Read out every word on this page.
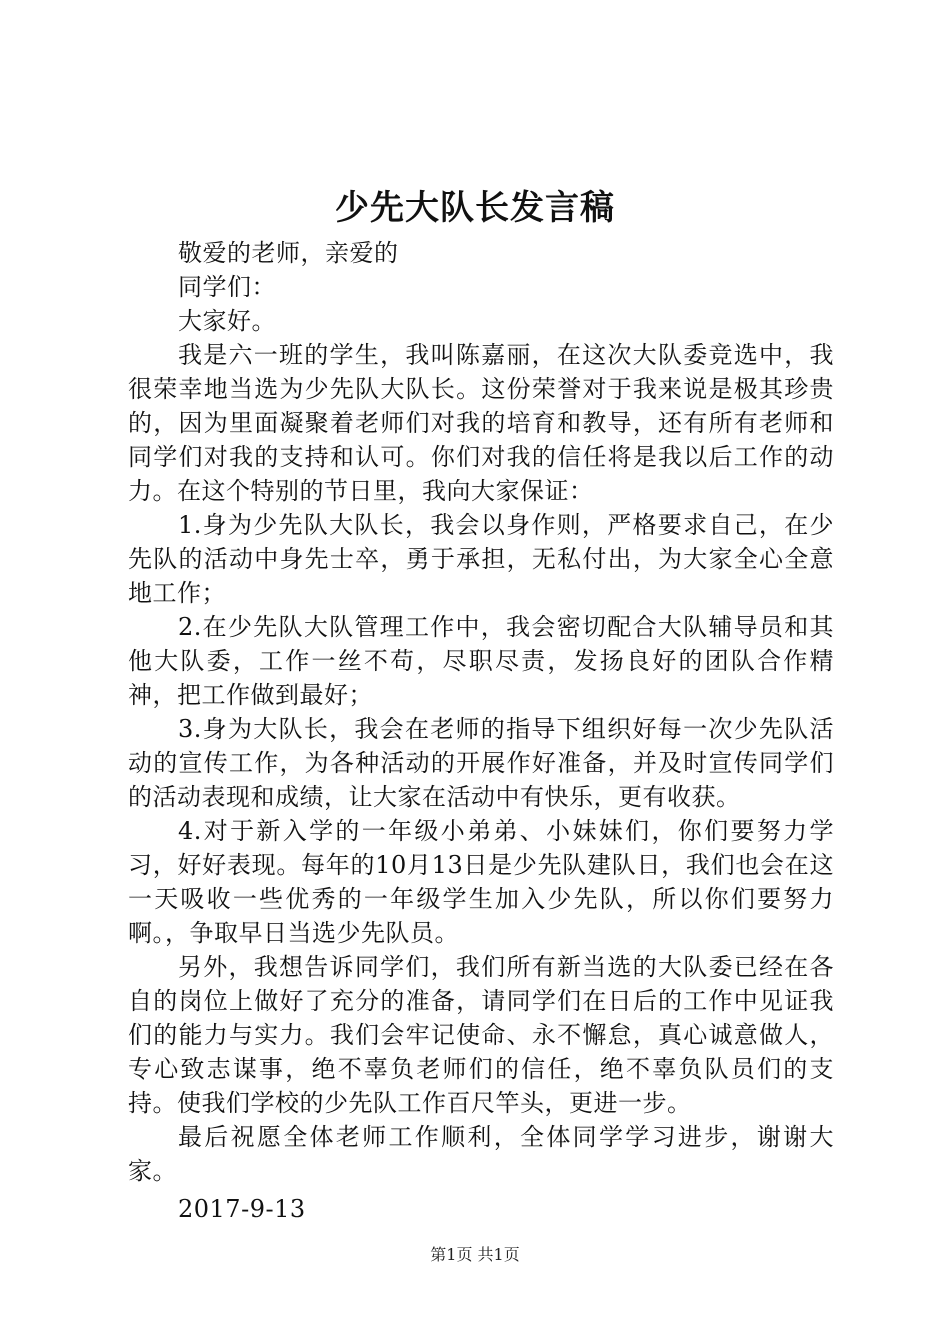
少先大队长发言稿

敬爱的老师，亲爱的

同学们：

大家好。

我是六一班的学生，我叫陈嘉丽，在这次大队委竞选中，我很荣幸地当选为少先队大队长。这份荣誉对于我来说是极其珍贵的，因为里面凝聚着老师们对我的培育和教导，还有所有老师和同学们对我的支持和认可。你们对我的信任将是我以后工作的动力。在这个特别的节日里，我向大家保证：

1.身为少先队大队长，我会以身作则，严格要求自己，在少先队的活动中身先士卒，勇于承担，无私付出，为大家全心全意地工作；

2.在少先队大队管理工作中，我会密切配合大队辅导员和其他大队委，工作一丝不苟，尽职尽责，发扬良好的团队合作精神，把工作做到最好；

3.身为大队长，我会在老师的指导下组织好每一次少先队活动的宣传工作，为各种活动的开展作好准备，并及时宣传同学们的活动表现和成绩，让大家在活动中有快乐，更有收获。

4.对于新入学的一年级小弟弟、小妹妹们，你们要努力学习，好好表现。每年的10月13日是少先队建队日，我们也会在这一天吸收一些优秀的一年级学生加入少先队，所以你们要努力啊。，争取早日当选少先队员。

另外，我想告诉同学们，我们所有新当选的大队委已经在各自的岗位上做好了充分的准备，请同学们在日后的工作中见证我们的能力与实力。我们会牢记使命、永不懈怠，真心诚意做人，专心致志谋事，绝不辜负老师们的信任，绝不辜负队员们的支持。使我们学校的少先队工作百尺竿头，更进一步。

最后祝愿全体老师工作顺利，全体同学学习进步，谢谢大家。

2017-9-13

第1页 共1页
